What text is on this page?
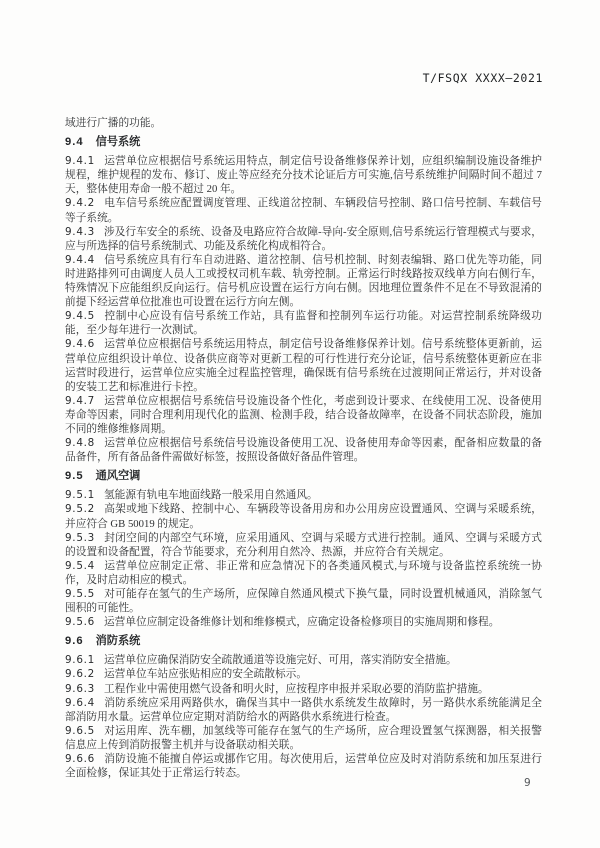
T/FSQX XXXX—2021

域进行广播的功能。

9.4 信号系统

9.4.1 运营单位应根据信号系统运用特点，制定信号设备维修保养计划，应组织编制设施设备维护规程，维护规程的发布、修订、废止等应经充分技术论证后方可实施,信号系统维护间隔时间不超过 7 天，整体使用寿命一般不超过 20 年。

9.4.2 电车信号系统应配置调度管理、正线道岔控制、车辆段信号控制、路口信号控制、车载信号等子系统。

9.4.3 涉及行车安全的系统、设备及电路应符合故障-导向-安全原则,信号系统运行管理模式与要求，应与所选择的信号系统制式、功能及系统化构成相符合。

9.4.4 信号系统应具有行车自动进路、道岔控制、信号机控制、时刻表编辑、路口优先等功能，同时进路排列可由调度人员人工或授权司机车载、轨旁控制。正常运行时线路按双线单方向右侧行车，特殊情况下应能组织反向运行。信号机应设置在运行方向右侧。因地理位置条件不足在不导致混淆的前提下经运营单位批准也可设置在运行方向左侧。

9.4.5 控制中心应设有信号系统工作站，具有监督和控制列车运行功能。对运营控制系统降级功能，至少每年进行一次测试。

9.4.6 运营单位应根据信号系统运用特点，制定信号设备维修保养计划。信号系统整体更新前，运营单位应组织设计单位、设备供应商等对更新工程的可行性进行充分论证，信号系统整体更新应在非运营时段进行，运营单位应实施全过程监控管理，确保既有信号系统在过渡期间正常运行，并对设备的安装工艺和标准进行卡控。

9.4.7 运营单位应根据信号系统信号设施设备个性化，考虑到设计要求、在线使用工况、设备使用寿命等因素，同时合理利用现代化的监测、检测手段，结合设备故障率，在设备不同状态阶段，施加不同的维修维修周期。

9.4.8 运营单位应根据信号系统信号设施设备使用工况、设备使用寿命等因素，配备相应数量的备品备件，所有备品备件需做好标签，按照设备做好备品件管理。

9.5 通风空调

9.5.1 氢能源有轨电车地面线路一般采用自然通风。

9.5.2 高架或地下线路、控制中心、车辆段等设备用房和办公用房应设置通风、空调与采暖系统，并应符合 GB 50019 的规定。

9.5.3 封闭空间的内部空气环境，应采用通风、空调与采暖方式进行控制。通风、空调与采暖方式的设置和设备配置，符合节能要求，充分利用自然冷、热源，并应符合有关规定。

9.5.4 运营单位应制定正常、非正常和应急情况下的各类通风模式,与环境与设备监控系统统一协作，及时启动相应的模式。

9.5.5 对可能存在氢气的生产场所，应保障自然通风模式下换气量，同时设置机械通风，消除氢气囤积的可能性。

9.5.6 运营单位应制定设备维修计划和维修模式，应确定设备检修项目的实施周期和修程。

9.6 消防系统

9.6.1 运营单位应确保消防安全疏散通道等设施完好、可用，落实消防安全措施。

9.6.2 运营单位车站应张贴相应的安全疏散标示。

9.6.3 工程作业中需使用燃气设备和明火时，应按程序申报并采取必要的消防监护措施。

9.6.4 消防系统应采用两路供水，确保当其中一路供水系统发生故障时，另一路供水系统能满足全部消防用水量。运营单位应定期对消防给水的两路供水系统进行检查。

9.6.5 对运用库、洗车棚，加氢线等可能存在氢气的生产场所，应合理设置氢气探测器，相关报警信息应上传到消防报警主机并与设备联动相关联。

9.6.6 消防设施不能擅自停运或挪作它用。每次使用后，运营单位应及时对消防系统和加压泵进行全面检修，保证其处于正常运行转态。

9
